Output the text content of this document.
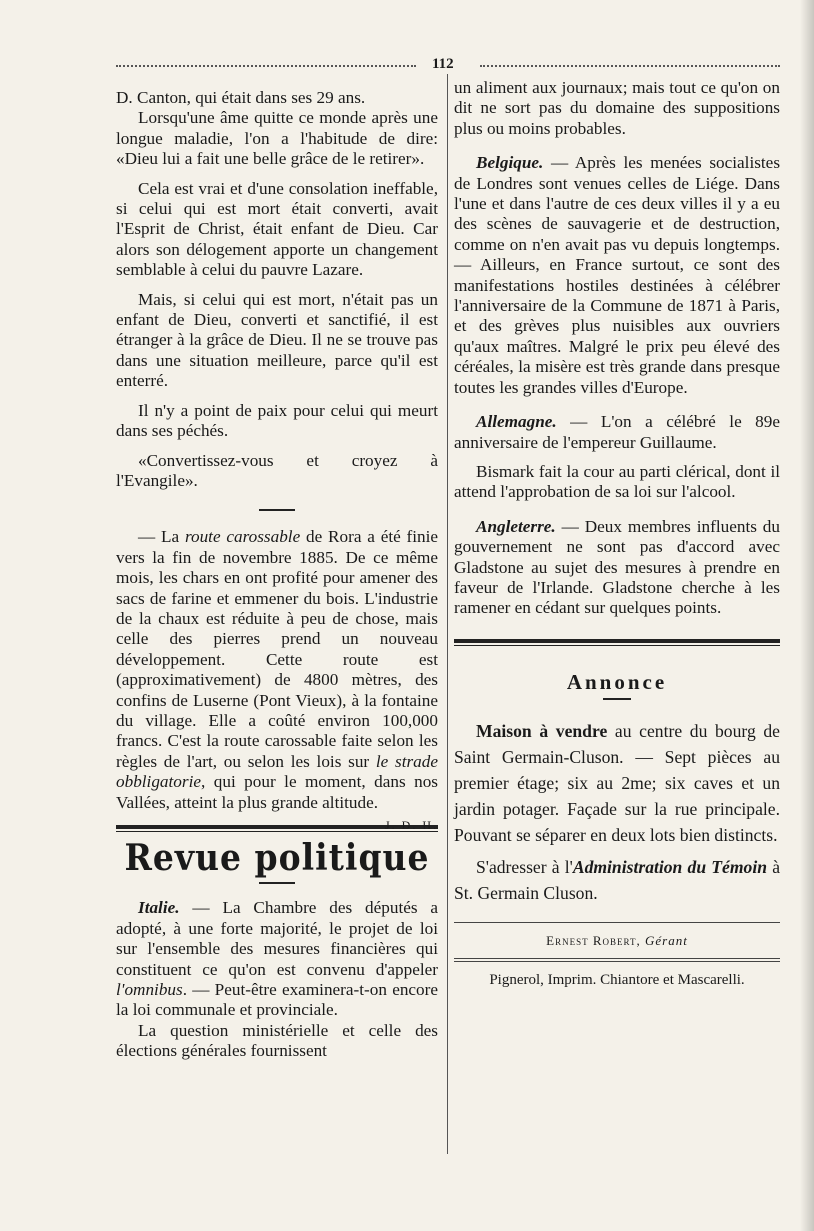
112

D. Canton, qui était dans ses 29 ans.

Lorsqu'une âme quitte ce monde après une longue maladie, l'on a l'habitude de dire: «Dieu lui a fait une belle grâce de le retirer».

Cela est vrai et d'une consolation ineffable, si celui qui est mort était converti, avait l'Esprit de Christ, était enfant de Dieu. Car alors son délogement apporte un changement semblable à celui du pauvre Lazare.

Mais, si celui qui est mort, n'était pas un enfant de Dieu, converti et sanctifié, il est étranger à la grâce de Dieu. Il ne se trouve pas dans une situation meilleure, parce qu'il est enterré.

Il n'y a point de paix pour celui qui meurt dans ses péchés.

«Convertissez-vous et croyez à l'Evangile».

— La route carossable de Rora a été finie vers la fin de novembre 1885. De ce même mois, les chars en ont profité pour amener des sacs de farine et emmener du bois. L'industrie de la chaux est réduite à peu de chose, mais celle des pierres prend un nouveau développement. Cette route est (approximativement) de 4800 mètres, des confins de Luserne (Pont Vieux), à la fontaine du village. Elle a coûté environ 100,000 francs. C'est la route carossable faite selon les règles de l'art, ou selon les lois sur le strade obbligatorie, qui pour le moment, dans nos Vallées, atteint la plus grande altitude.
J. D. H.

Revue politique

Italie. — La Chambre des députés a adopté, à une forte majorité, le projet de loi sur l'ensemble des mesures financières qui constituent ce qu'on est convenu d'appeler l'omnibus. — Peut-être examinera-t-on encore la loi communale et provinciale.

La question ministérielle et celle des élections générales fournissent

un aliment aux journaux; mais tout ce qu'on on dit ne sort pas du domaine des suppositions plus ou moins probables.

Belgique. — Après les menées socialistes de Londres sont venues celles de Liége. Dans l'une et dans l'autre de ces deux villes il y a eu des scènes de sauvagerie et de destruction, comme on n'en avait pas vu depuis longtemps. — Ailleurs, en France surtout, ce sont des manifestations hostiles destinées à célébrer l'anniversaire de la Commune de 1871 à Paris, et des grèves plus nuisibles aux ouvriers qu'aux maîtres. Malgré le prix peu élevé des céréales, la misère est très grande dans presque toutes les grandes villes d'Europe.

Allemagne. — L'on a célébré le 89e anniversaire de l'empereur Guillaume.

Bismark fait la cour au parti clérical, dont il attend l'approbation de sa loi sur l'alcool.

Angleterre. — Deux membres influents du gouvernement ne sont pas d'accord avec Gladstone au sujet des mesures à prendre en faveur de l'Irlande. Gladstone cherche à les ramener en cédant sur quelques points.

Annonce

Maison à vendre au centre du bourg de Saint Germain-Cluson. — Sept pièces au premier étage; six au 2me; six caves et un jardin potager. Façade sur la rue principale. Pouvant se séparer en deux lots bien distincts.

S'adresser à l'Administration du Témoin à St. Germain Cluson.

Ernest Robert, Gérant
Pignerol, Imprim. Chiantore et Mascarelli.
